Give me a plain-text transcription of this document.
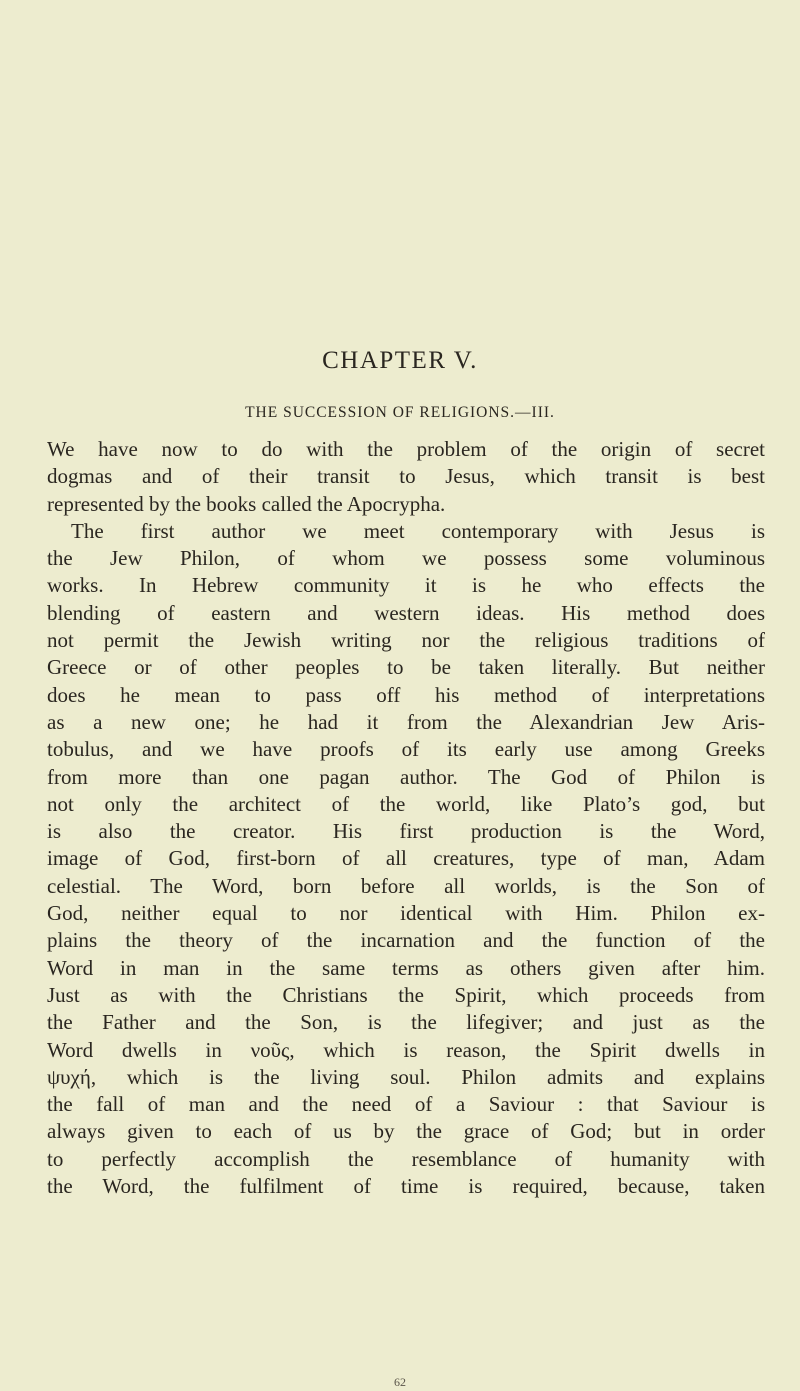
CHAPTER V.
THE SUCCESSION OF RELIGIONS.—III.
We have now to do with the problem of the origin of secret
dogmas and of their transit to Jesus, which transit is best
represented by the books called the Apocrypha.
The first author we meet contemporary with Jesus is
the Jew Philon, of whom we possess some voluminous
works. In Hebrew community it is he who effects the
blending of eastern and western ideas. His method does
not permit the Jewish writing nor the religious traditions of
Greece or of other peoples to be taken literally. But neither
does he mean to pass off his method of interpretations
as a new one; he had it from the Alexandrian Jew Aris-
tobulus, and we have proofs of its early use among Greeks
from more than one pagan author. The God of Philon is
not only the architect of the world, like Plato’s god, but
is also the creator. His first production is the Word,
image of God, first-born of all creatures, type of man, Adam
celestial. The Word, born before all worlds, is the Son of
God, neither equal to nor identical with Him. Philon ex-
plains the theory of the incarnation and the function of the
Word in man in the same terms as others given after him.
Just as with the Christians the Spirit, which proceeds from
the Father and the Son, is the lifegiver; and just as the
Word dwells in νοῦς, which is reason, the Spirit dwells in
ψυχή, which is the living soul. Philon admits and explains
the fall of man and the need of a Saviour : that Saviour is
always given to each of us by the grace of God; but in order
to perfectly accomplish the resemblance of humanity with
the Word, the fulfilment of time is required, because, taken

62
